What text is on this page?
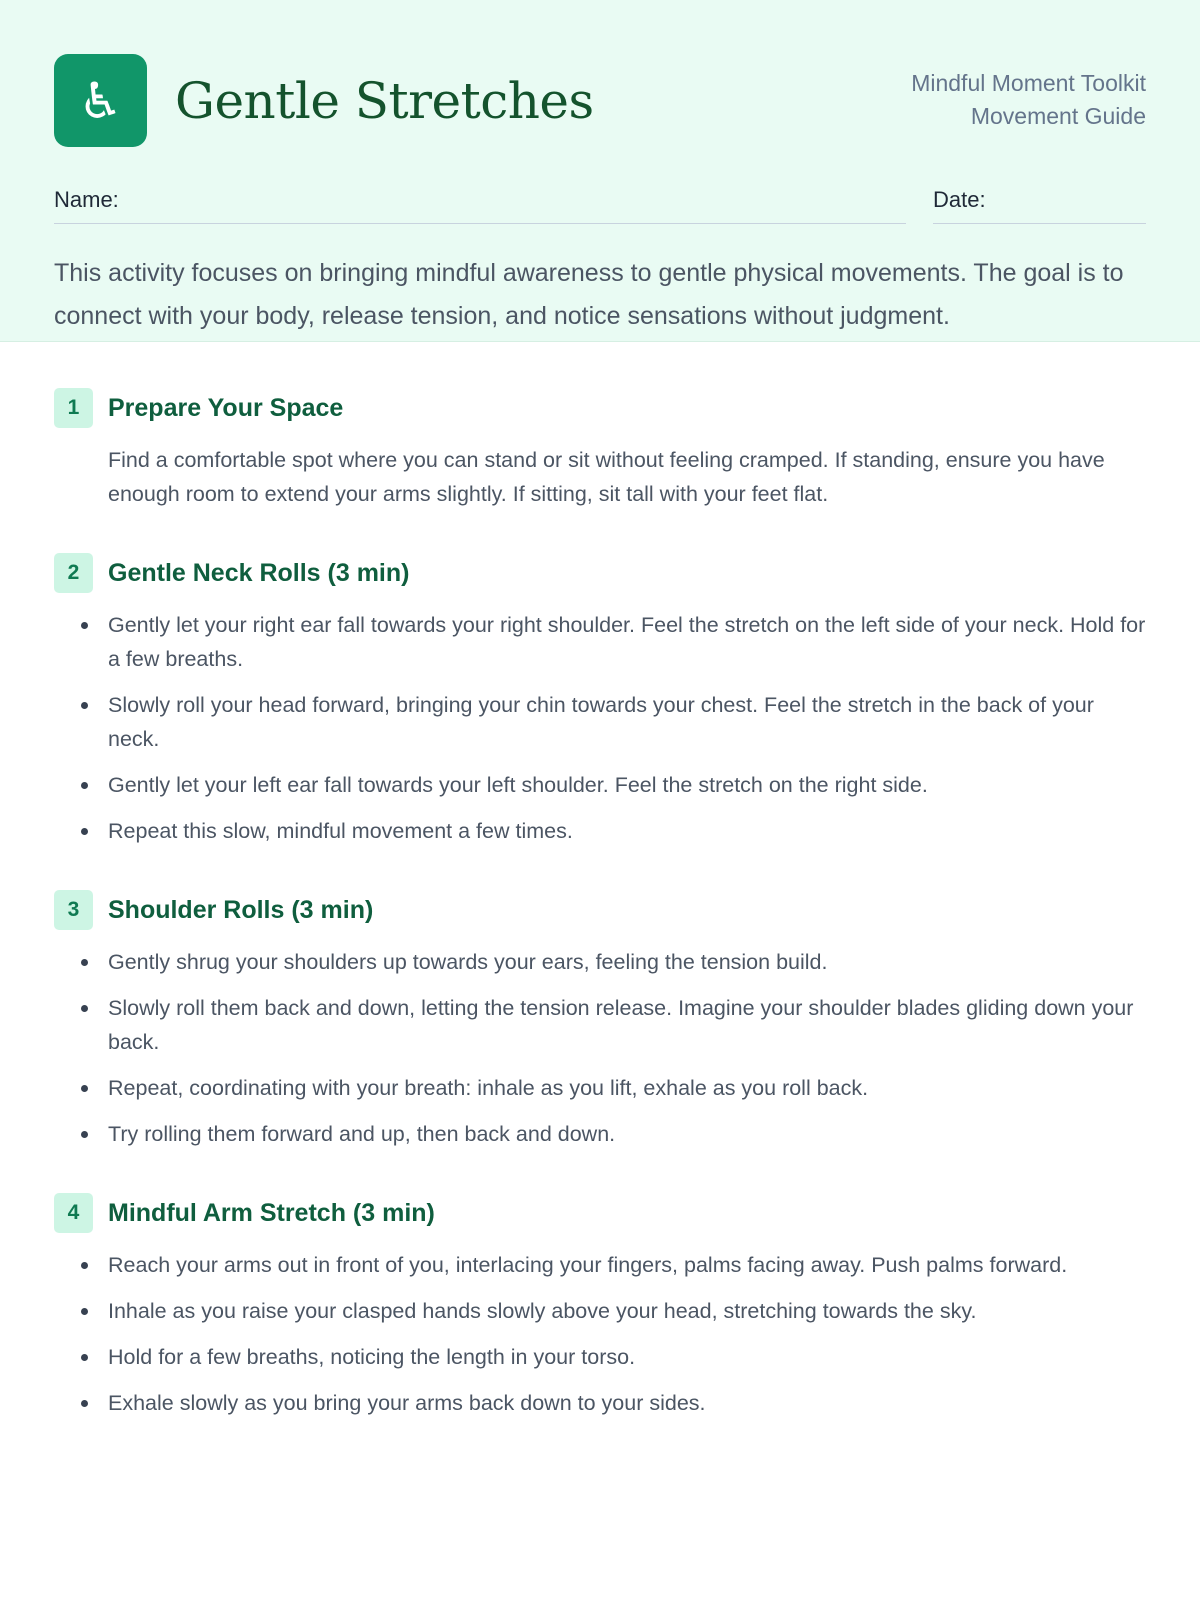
♿	Gentle Stretches	Mindful Moment Toolkit
Movement Guide
Name:	Date:

This activity focuses on bringing mindful awareness to gentle physical movements. The goal is to connect with your body, release tension, and notice sensations without judgment.

1	Prepare Your Space

Find a comfortable spot where you can stand or sit without feeling cramped. If standing, ensure you have enough room to extend your arms slightly. If sitting, sit tall with your feet flat.

2	Gentle Neck Rolls (3 min)
Gently let your right ear fall towards your right shoulder. Feel the stretch on the left side of your neck. Hold for a few breaths.
Slowly roll your head forward, bringing your chin towards your chest. Feel the stretch in the back of your neck.
Gently let your left ear fall towards your left shoulder. Feel the stretch on the right side.
Repeat this slow, mindful movement a few times.
3	Shoulder Rolls (3 min)
Gently shrug your shoulders up towards your ears, feeling the tension build.
Slowly roll them back and down, letting the tension release. Imagine your shoulder blades gliding down your back.
Repeat, coordinating with your breath: inhale as you lift, exhale as you roll back.
Try rolling them forward and up, then back and down.
4	Mindful Arm Stretch (3 min)
Reach your arms out in front of you, interlacing your fingers, palms facing away. Push palms forward.
Inhale as you raise your clasped hands slowly above your head, stretching towards the sky.
Hold for a few breaths, noticing the length in your torso.
Exhale slowly as you bring your arms back down to your sides.
